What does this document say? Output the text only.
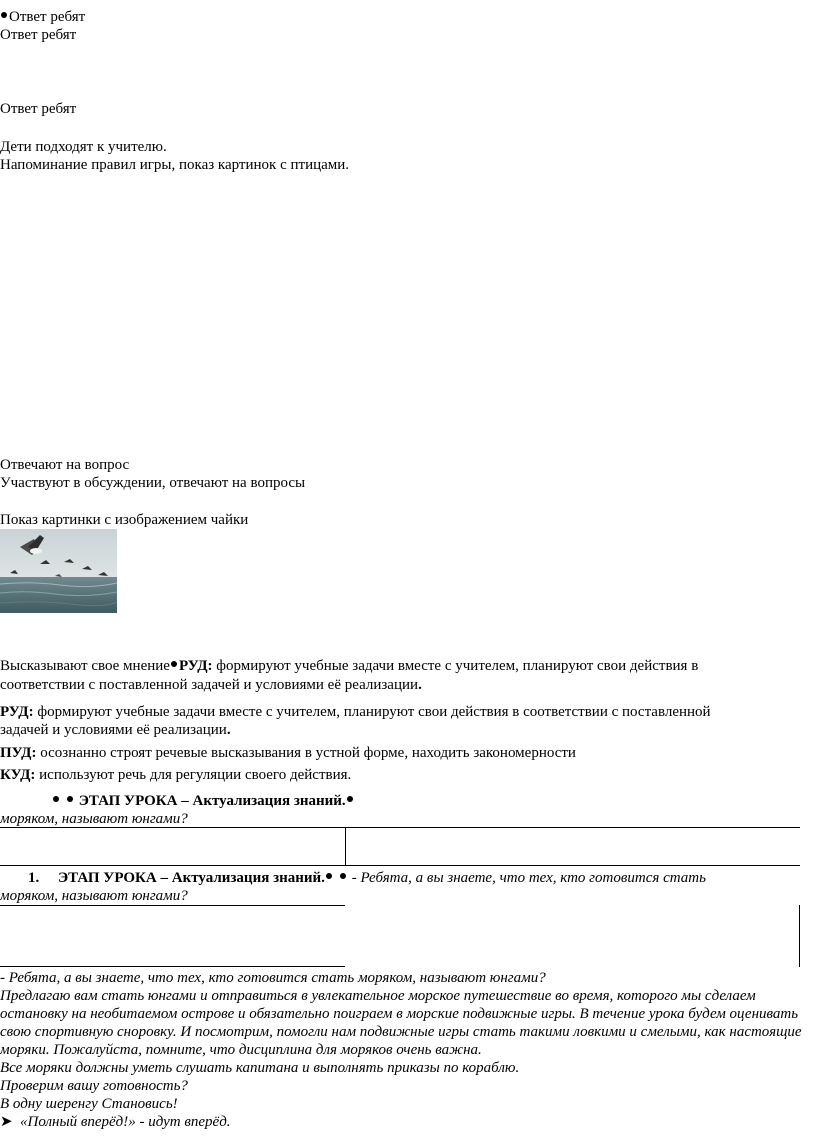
Ответ ребят
Ответ ребят
Ответ ребят
Дети подходят к учителю.
Напоминание правил игры, показ картинок с птицами.
Отвечают на вопрос
Участвуют в обсуждении, отвечают на вопросы
Показ картинки с изображением чайки
Высказывают свое мнение РУД: формируют учебные задачи вместе с учителем, планируют свои действия в
соответствии с поставленной задачей и условиями её реализации.
РУД: формируют учебные задачи вместе с учителем, планируют свои действия в соответствии с поставленной
задачей и условиями её реализации.
ПУД: осознанно строят речевые высказывания в устной форме, находить закономерности
КУД: используют речь для регуляции своего действия.
ЭТАП УРОКА – Актуализация знаний.
моряком, называют юнгами?
1. ЭТАП УРОКА – Актуализация знаний. - Ребята, а вы знаете, что тех, кто готовится стать
моряком, называют юнгами?
- Ребята, а вы знаете, что тех, кто готовится стать моряком, называют юнгами?
Предлагаю вам стать юнгами и отправиться в увлекательное морское путешествие во время, которого мы сделаем остановку на необитаемом острове и обязательно поиграем в морские подвижные игры. В течение урока будем оценивать свою спортивную сноровку. И посмотрим, помогли нам подвижные игры стать такими ловкими и смелыми, как настоящие моряки. Пожалуйста, помните, что дисциплина для моряков очень важна.
Все моряки должны уметь слушать капитана и выполнять приказы по кораблю.
Проверим вашу готовность?
В одну шеренгу Становись!
➤ «Полный вперёд!» - идут вперёд.
